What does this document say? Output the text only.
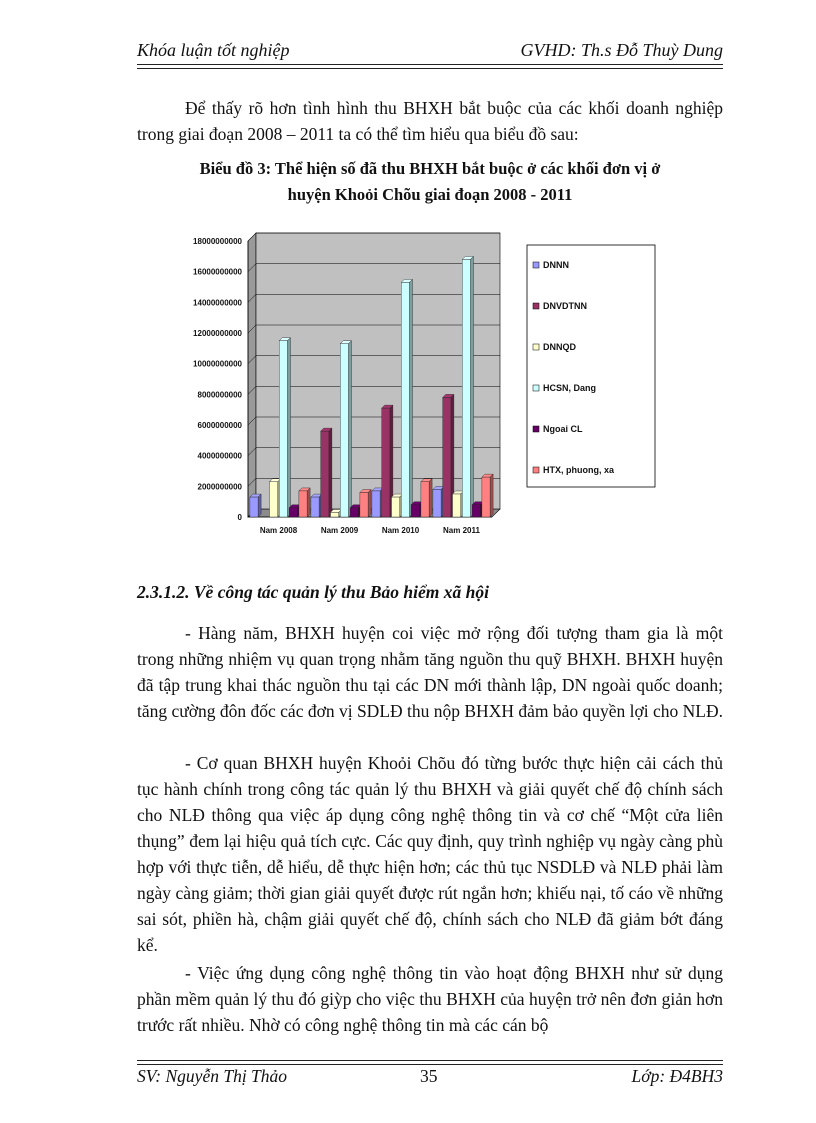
Khóa luận tốt nghiệp	GVHD: Th.s Đỗ Thuỳ Dung

Để thấy rõ hơn tình hình thu BHXH bắt buộc của các khối doanh nghiệp trong giai đoạn 2008 – 2011 ta có thể tìm hiểu qua biểu đồ sau:

Biểu đồ 3: Thể hiện số đã thu BHXH bắt buộc ở các khối đơn vị ở
huyện Khoỏi Chõu giai đoạn 2008 - 2011
0
2000000000
4000000000
6000000000
8000000000
10000000000
12000000000
14000000000
16000000000
18000000000
Nam 2008	Nam 2009	Nam 2010	Nam 2011
DNNN
DNVDTNN
DNNQD
HCSN, Dang
Ngoai CL
HTX, phuong, xa

2.3.1.2. Về công tác quản lý thu Bảo hiểm xã hội

- Hàng năm, BHXH huyện coi việc mở rộng đối tượng tham gia là một trong những nhiệm vụ quan trọng nhằm tăng nguồn thu quỹ BHXH. BHXH huyện đã tập trung khai thác nguồn thu tại các DN mới thành lập, DN ngoài quốc doanh; tăng cường đôn đốc các đơn vị SDLĐ thu nộp BHXH đảm bảo quyền lợi cho NLĐ.

- Cơ quan BHXH huyện Khoỏi Chõu đó từng bước thực hiện cải cách thủ tục hành chính trong công tác quản lý thu BHXH và giải quyết chế độ chính sách cho NLĐ thông qua việc áp dụng công nghệ thông tin và cơ chế “Một cửa liên thụng” đem lại hiệu quả tích cực. Các quy định, quy trình nghiệp vụ ngày càng phù hợp với thực tiễn, dễ hiểu, dễ thực hiện hơn; các thủ tục NSDLĐ và NLĐ phải làm ngày càng giảm; thời gian giải quyết được rút ngắn hơn; khiếu nại, tố cáo về những sai sót, phiền hà, chậm giải quyết chế độ, chính sách cho NLĐ đã giảm bớt đáng kể.

- Việc ứng dụng công nghệ thông tin vào hoạt động BHXH như sử dụng phần mềm quản lý thu đó giỳp cho việc thu BHXH của huyện trở nên đơn giản hơn trước rất nhiều. Nhờ có công nghệ thông tin mà các cán bộ

SV: Nguyễn Thị Thảo	35	Lớp: Đ4BH3
